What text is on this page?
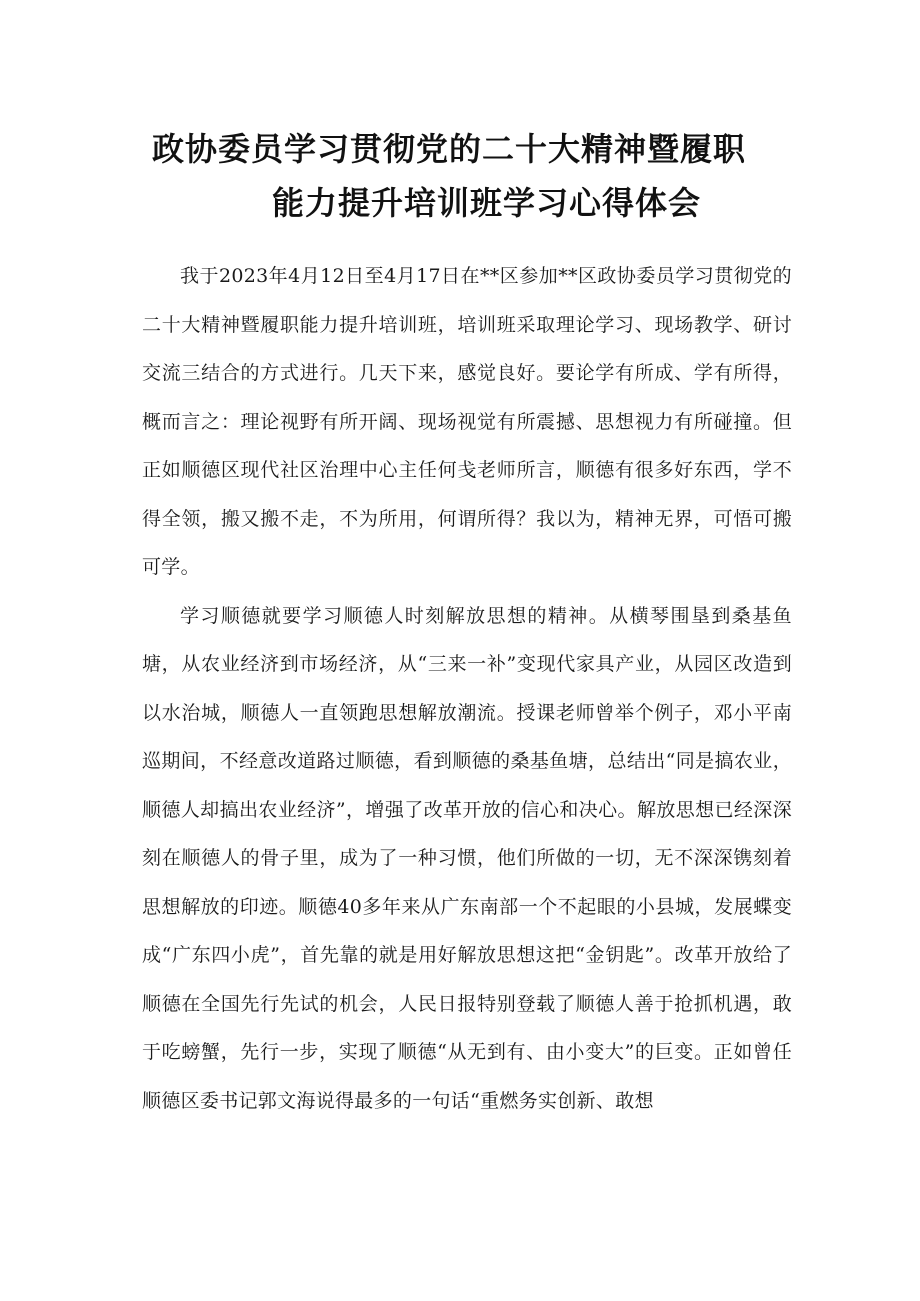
政协委员学习贯彻党的二十大精神暨履职
能力提升培训班学习心得体会

我于2023年4月12日至4月17日在**区参加**区政协委员学习贯彻党的二十大精神暨履职能力提升培训班，培训班采取理论学习、现场教学、研讨交流三结合的方式进行。几天下来，感觉良好。要论学有所成、学有所得，概而言之：理论视野有所开阔、现场视觉有所震撼、思想视力有所碰撞。但正如顺德区现代社区治理中心主任何戋老师所言，顺德有很多好东西，学不得全领，搬又搬不走，不为所用，何谓所得？我以为，精神无界，可悟可搬可学。

学习顺德就要学习顺德人时刻解放思想的精神。从横琴围垦到桑基鱼塘，从农业经济到市场经济，从“三来一补”变现代家具产业，从园区改造到以水治城，顺德人一直领跑思想解放潮流。授课老师曾举个例子，邓小平南巡期间，不经意改道路过顺德，看到顺德的桑基鱼塘，总结出“同是搞农业，顺德人却搞出农业经济”，增强了改革开放的信心和决心。解放思想已经深深刻在顺德人的骨子里，成为了一种习惯，他们所做的一切，无不深深镌刻着思想解放的印迹。顺德40多年来从广东南部一个不起眼的小县城，发展蝶变成“广东四小虎”，首先靠的就是用好解放思想这把“金钥匙”。改革开放给了顺德在全国先行先试的机会，人民日报特别登载了顺德人善于抢抓机遇，敢于吃螃蟹，先行一步，实现了顺德“从无到有、由小变大”的巨变。正如曾任顺德区委书记郭文海说得最多的一句话“重燃务实创新、敢想
